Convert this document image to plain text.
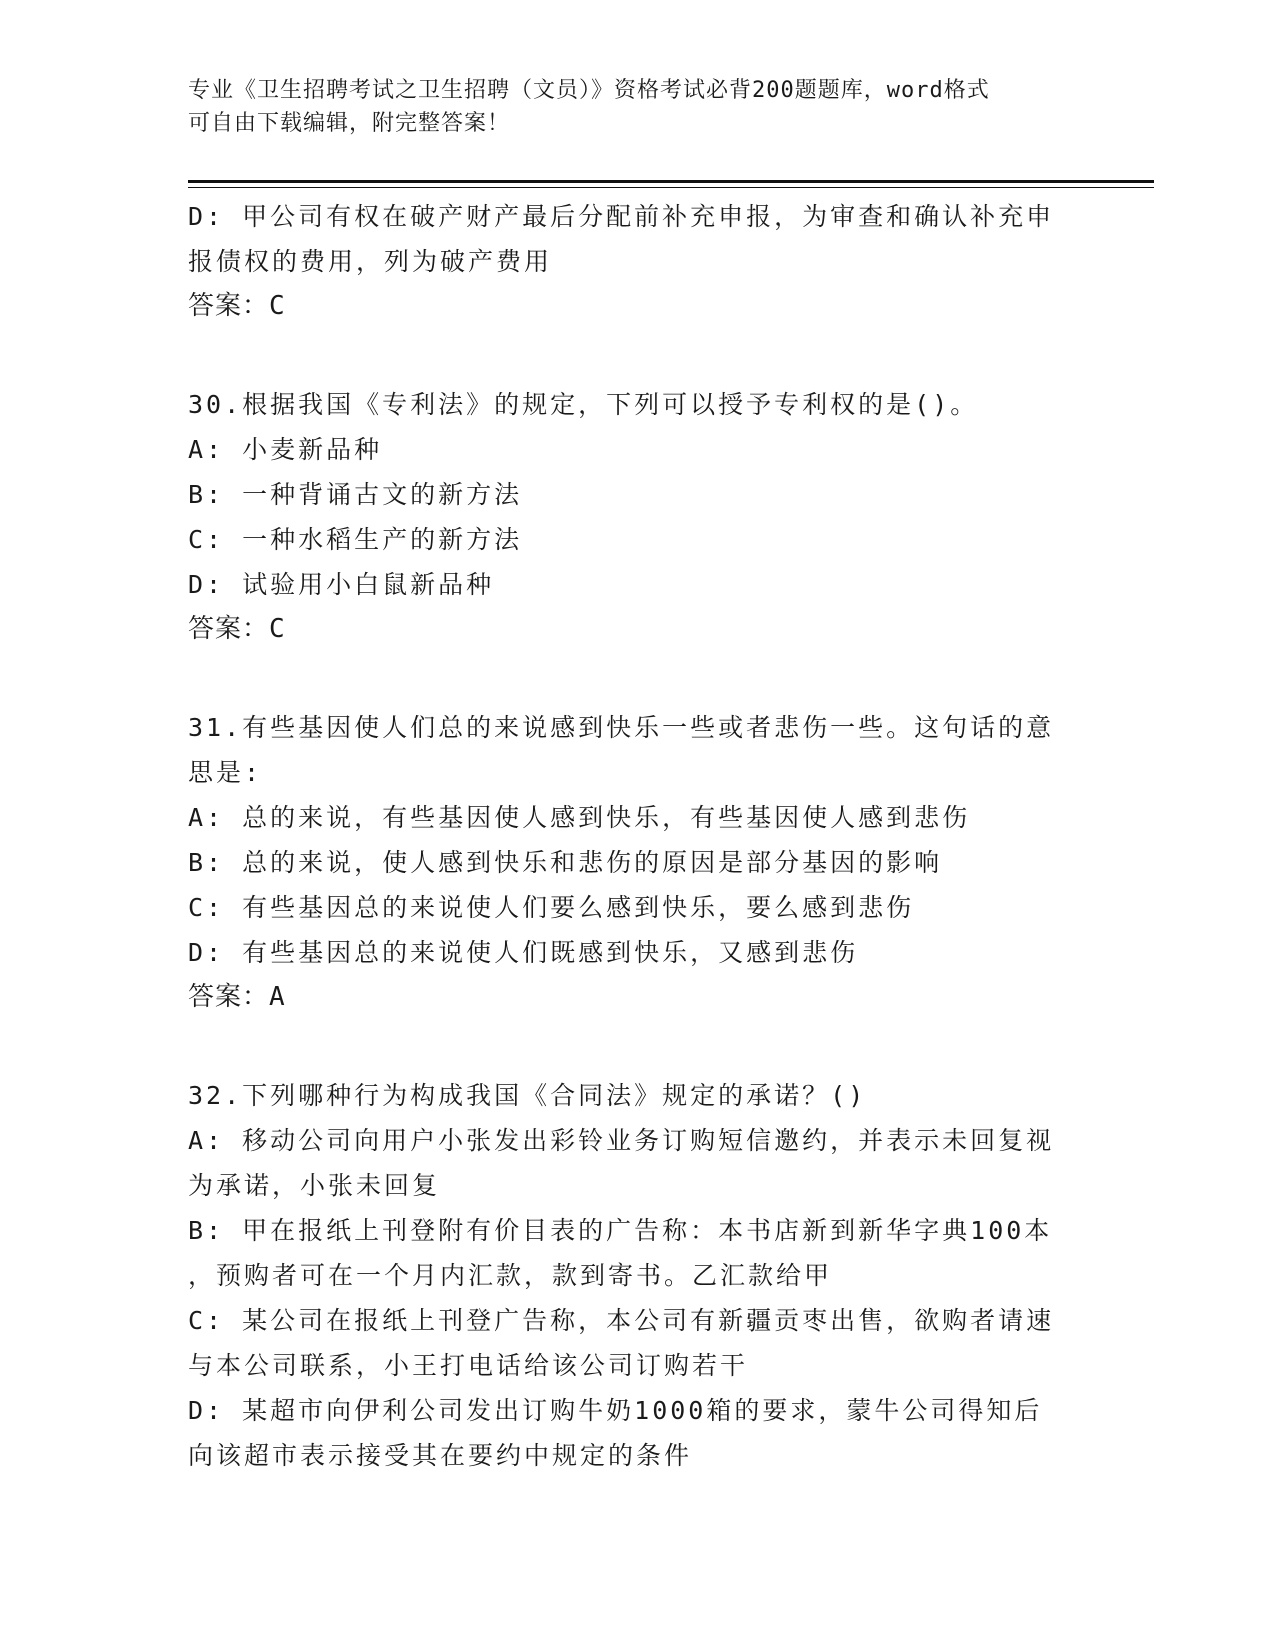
专业《卫生招聘考试之卫生招聘（文员）》资格考试必背200题题库，word格式
可自由下载编辑，附完整答案！
D: 甲公司有权在破产财产最后分配前补充申报，为审查和确认补充申
报债权的费用，列为破产费用
答案：C
30.根据我国《专利法》的规定，下列可以授予专利权的是()。
A: 小麦新品种
B: 一种背诵古文的新方法
C: 一种水稻生产的新方法
D: 试验用小白鼠新品种
答案：C
31.有些基因使人们总的来说感到快乐一些或者悲伤一些。这句话的意
思是:
A: 总的来说，有些基因使人感到快乐，有些基因使人感到悲伤
B: 总的来说，使人感到快乐和悲伤的原因是部分基因的影响
C: 有些基因总的来说使人们要么感到快乐，要么感到悲伤
D: 有些基因总的来说使人们既感到快乐，又感到悲伤
答案：A
32.下列哪种行为构成我国《合同法》规定的承诺？()
A: 移动公司向用户小张发出彩铃业务订购短信邀约，并表示未回复视
为承诺，小张未回复
B: 甲在报纸上刊登附有价目表的广告称：本书店新到新华字典100本
，预购者可在一个月内汇款，款到寄书。乙汇款给甲
C: 某公司在报纸上刊登广告称，本公司有新疆贡枣出售，欲购者请速
与本公司联系，小王打电话给该公司订购若干
D: 某超市向伊利公司发出订购牛奶1000箱的要求，蒙牛公司得知后
向该超市表示接受其在要约中规定的条件
